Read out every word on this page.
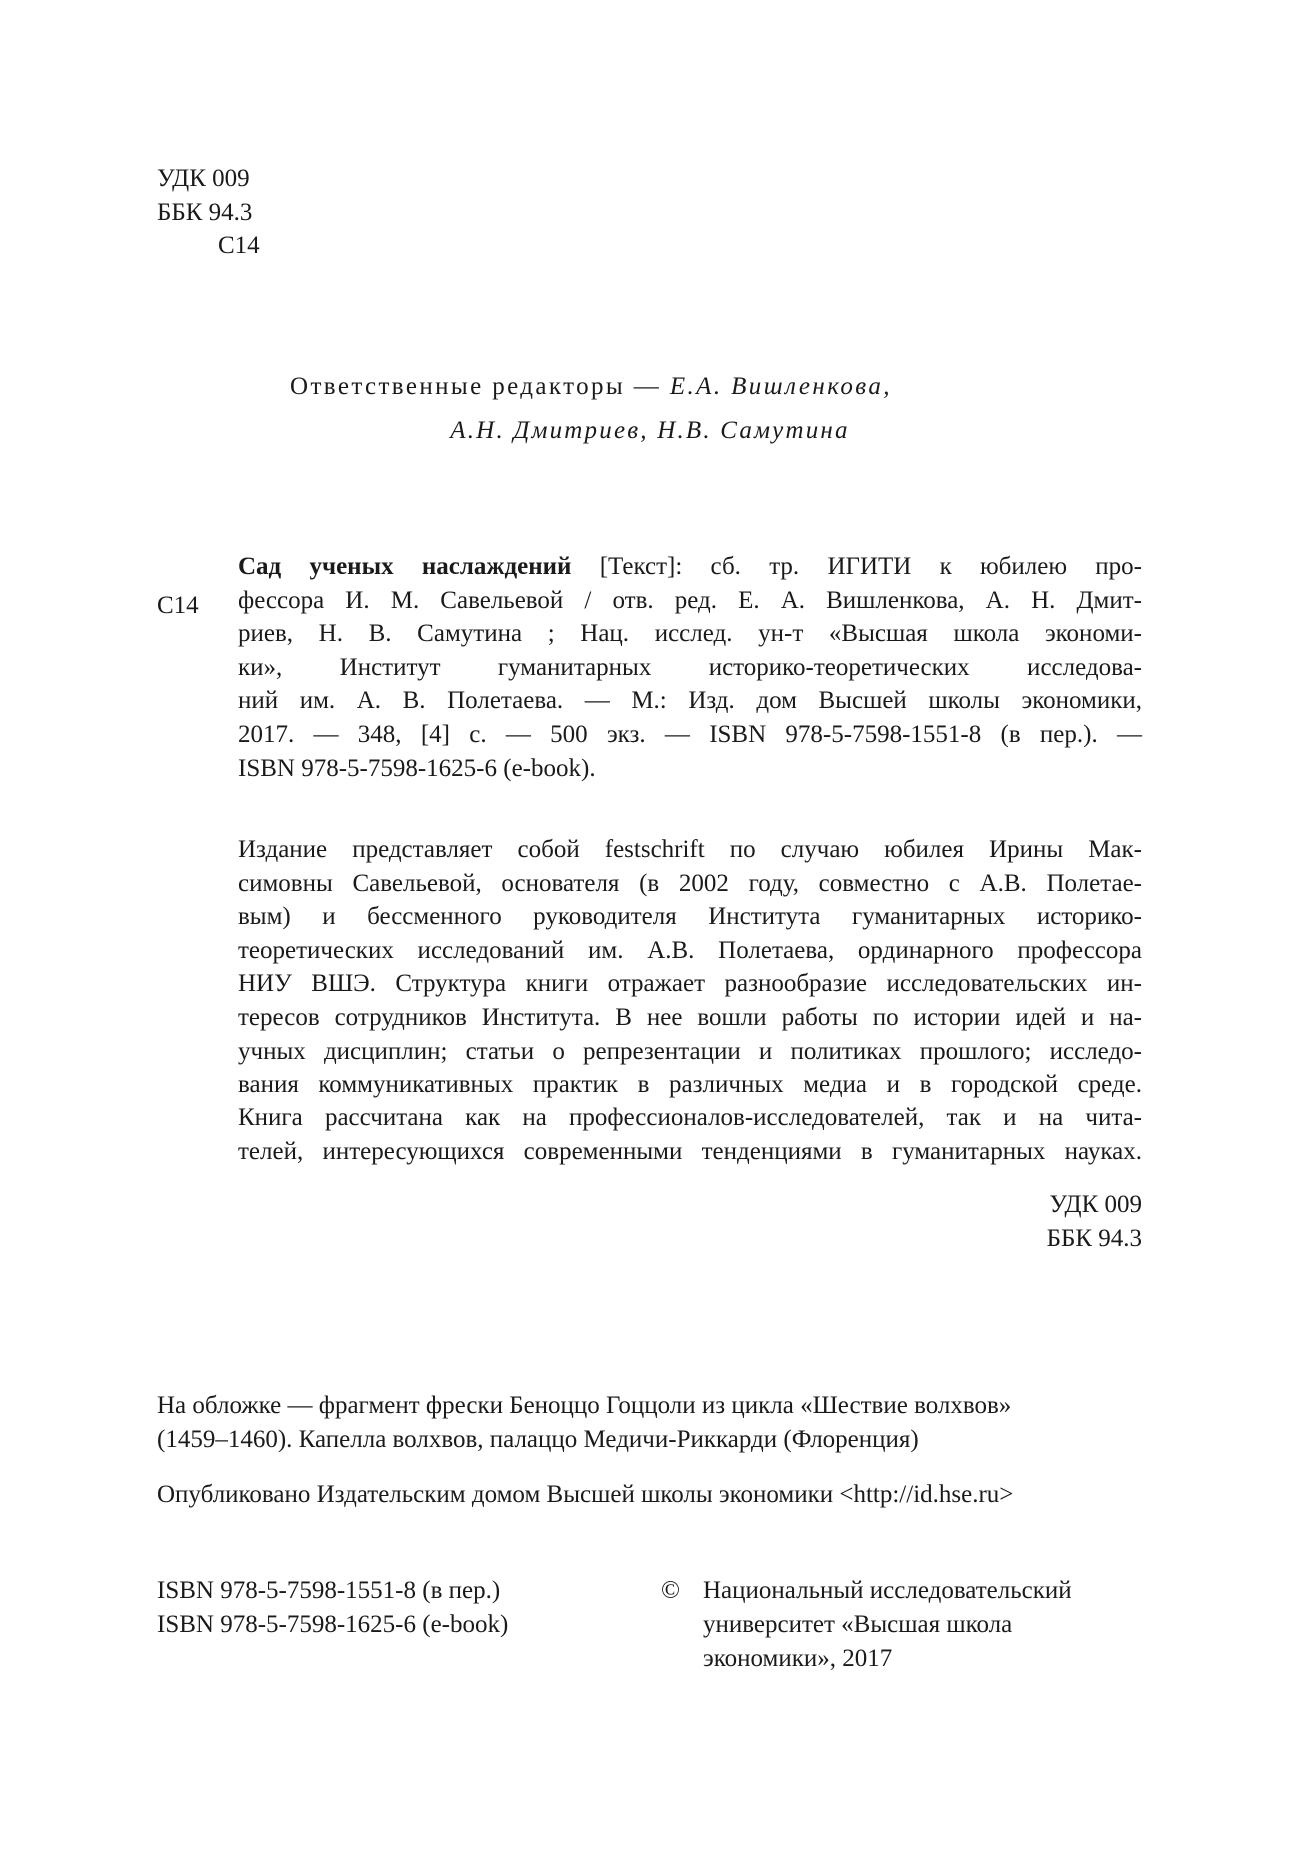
УДК 009
ББК 94.3
С14
Ответственные редакторы — Е.А. Вишленкова,
А.Н. Дмитриев, Н.В. Самутина
С14
Сад ученых наслаждений [Текст]: сб. тр. ИГИТИ к юбилею про-
фессора И. М. Савельевой / отв. ред. Е. А. Вишленкова, А. Н. Дмит-
риев, Н. В. Самутина ; Нац. исслед. ун-т «Высшая школа экономи-
ки», Институт гуманитарных историко-теоретических исследова-
ний им. А. В. Полетаева. — М.: Изд. дом Высшей школы экономики,
2017. — 348, [4] с. — 500 экз. — ISBN 978-5-7598-1551-8 (в пер.). —
ISBN 978-5-7598-1625-6 (e-book).
Издание представляет собой festschrift по случаю юбилея Ирины Мак-
симовны Савельевой, основателя (в 2002 году, совместно с А.В. Полетае-
вым) и бессменного руководителя Института гуманитарных историко-
теоретических исследований им. А.В. Полетаева, ординарного профессора
НИУ ВШЭ. Структура книги отражает разнообразие исследовательских ин-
тересов сотрудников Института. В нее вошли работы по истории идей и на-
учных дисциплин; статьи о репрезентации и политиках прошлого; исследо-
вания коммуникативных практик в различных медиа и в городской среде.
Книга рассчитана как на профессионалов-исследователей, так и на чита-
телей, интересующихся современными тенденциями в гуманитарных науках.
УДК 009
ББК 94.3
На обложке — фрагмент фрески Беноццо Гоццоли из цикла «Шествие волхвов»
(1459–1460). Капелла волхвов, палаццо Медичи-Риккарди (Флоренция)
Опубликовано Издательским домом Высшей школы экономики <http://id.hse.ru>
ISBN 978-5-7598-1551-8 (в пер.)
ISBN 978-5-7598-1625-6 (e-book)
© Национальный исследовательский
университет «Высшая школа
экономики», 2017
